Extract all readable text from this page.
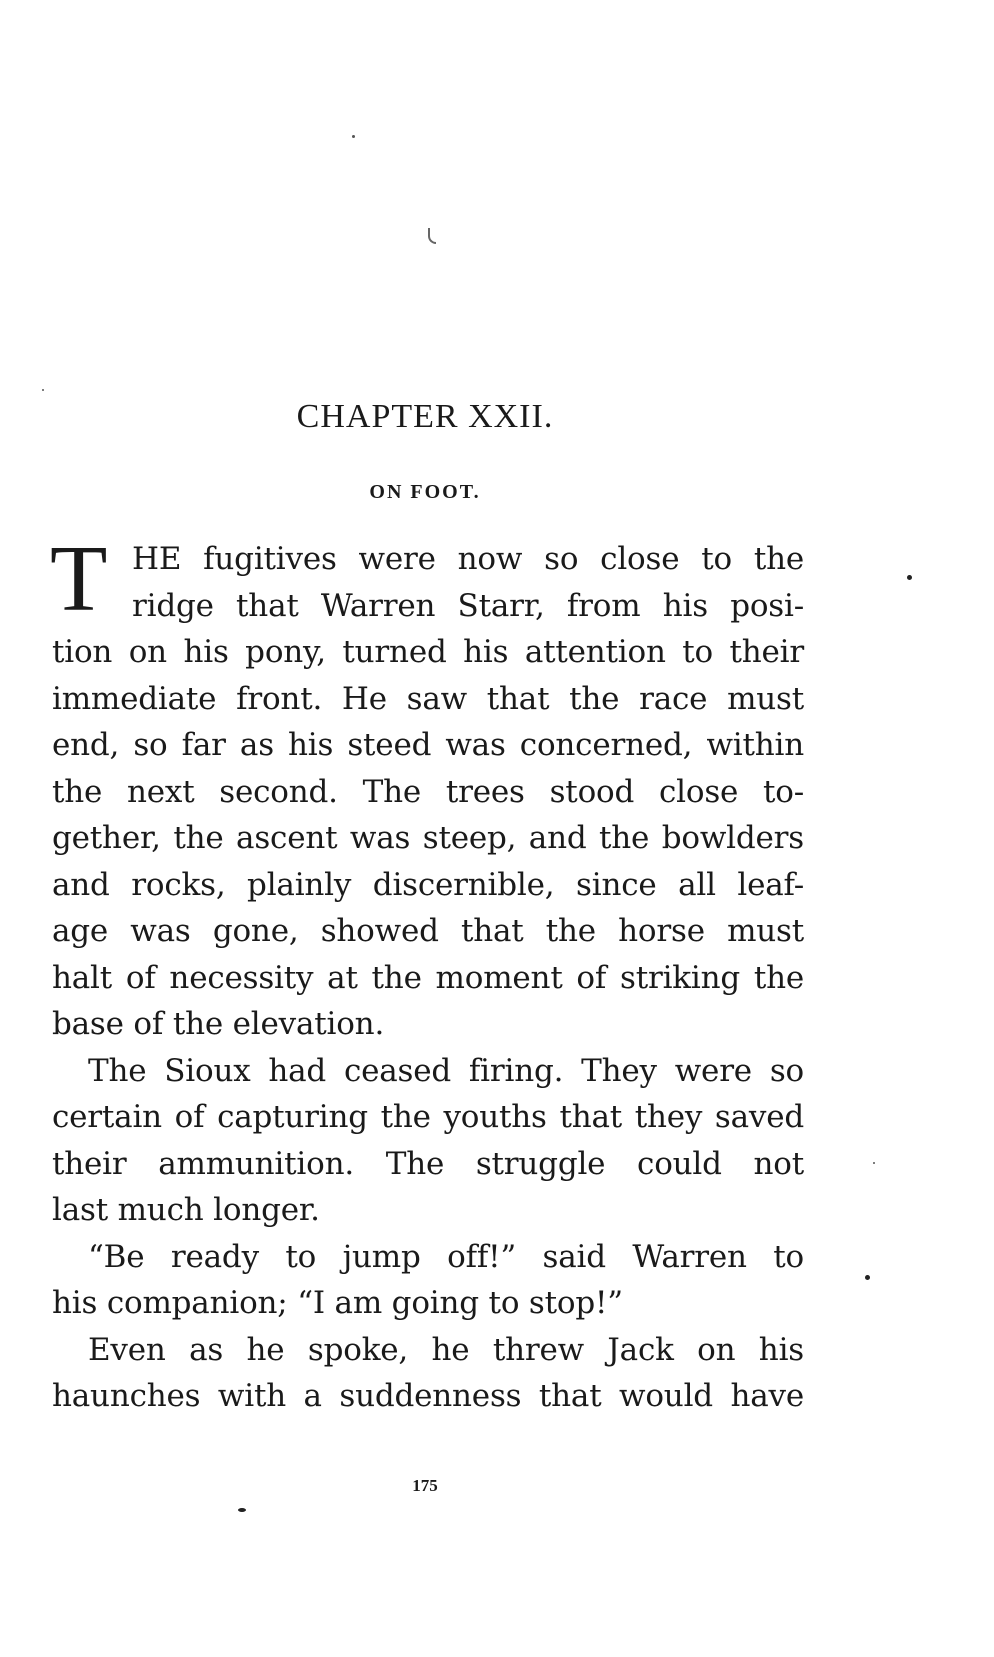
CHAPTER XXII.
ON FOOT.
T HE fugitives were now so close to the
ridge that Warren Starr, from his posi-
tion on his pony, turned his attention to their
immediate front. He saw that the race must
end, so far as his steed was concerned, within
the next second. The trees stood close to-
gether, the ascent was steep, and the bowlders
and rocks, plainly discernible, since all leaf-
age was gone, showed that the horse must
halt of necessity at the moment of striking the
base of the elevation.
The Sioux had ceased firing. They were so
certain of capturing the youths that they saved
their ammunition. The struggle could not
last much longer.
“Be ready to jump off!” said Warren to
his companion; “I am going to stop!”
Even as he spoke, he threw Jack on his
haunches with a suddenness that would have
175
